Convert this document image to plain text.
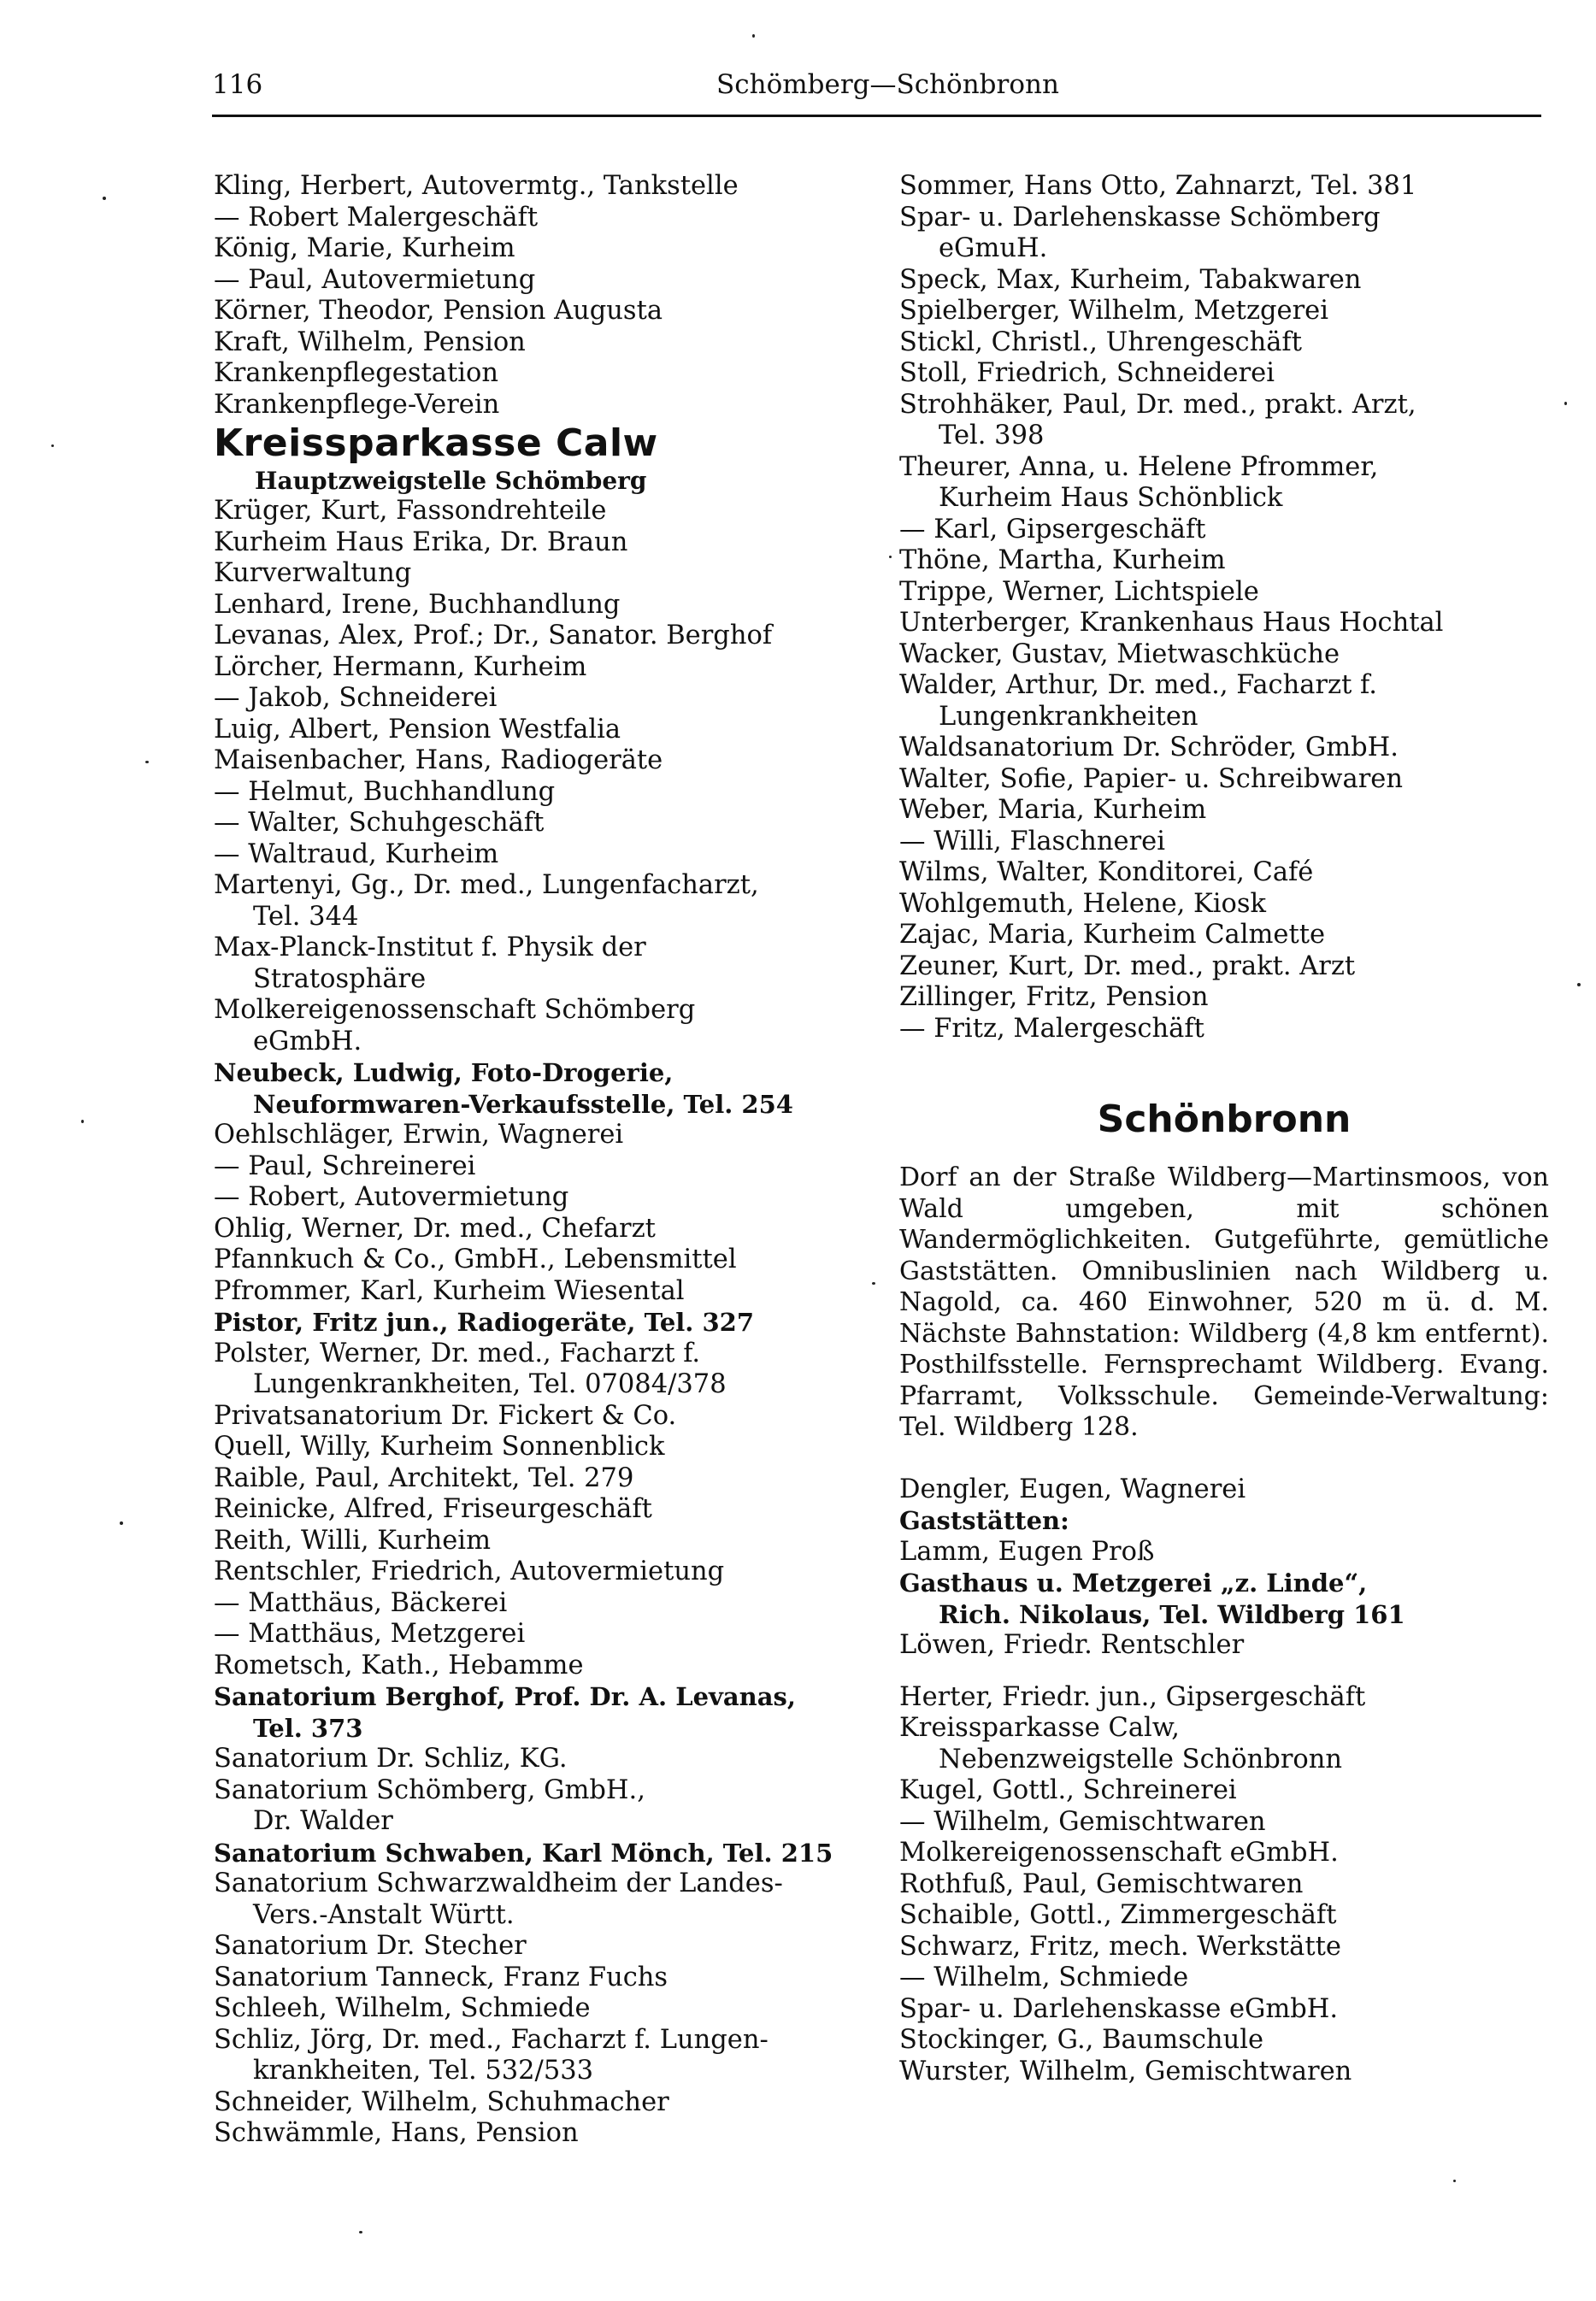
116	Schömberg—Schönbronn
Kling, Herbert, Autovermtg., Tankstelle
— Robert Malergeschäft
König, Marie, Kurheim
— Paul, Autovermietung
Körner, Theodor, Pension Augusta
Kraft, Wilhelm, Pension
Krankenpflegestation
Krankenpflege-Verein
Kreissparkasse Calw
Hauptzweigstelle Schömberg
Krüger, Kurt, Fassondrehteile
Kurheim Haus Erika, Dr. Braun
Kurverwaltung
Lenhard, Irene, Buchhandlung
Levanas, Alex, Prof.; Dr., Sanator. Berghof
Lörcher, Hermann, Kurheim
— Jakob, Schneiderei
Luig, Albert, Pension Westfalia
Maisenbacher, Hans, Radiogeräte
— Helmut, Buchhandlung
— Walter, Schuhgeschäft
— Waltraud, Kurheim
Martenyi, Gg., Dr. med., Lungenfacharzt,
Tel. 344
Max-Planck-Institut f. Physik der
Stratosphäre
Molkereigenossenschaft Schömberg
eGmbH.
Neubeck, Ludwig, Foto-Drogerie,
Neuformwaren-Verkaufsstelle, Tel. 254
Oehlschläger, Erwin, Wagnerei
— Paul, Schreinerei
— Robert, Autovermietung
Ohlig, Werner, Dr. med., Chefarzt
Pfannkuch & Co., GmbH., Lebensmittel
Pfrommer, Karl, Kurheim Wiesental
Pistor, Fritz jun., Radiogeräte, Tel. 327
Polster, Werner, Dr. med., Facharzt f.
Lungenkrankheiten, Tel. 07084/378
Privatsanatorium Dr. Fickert & Co.
Quell, Willy, Kurheim Sonnenblick
Raible, Paul, Architekt, Tel. 279
Reinicke, Alfred, Friseurgeschäft
Reith, Willi, Kurheim
Rentschler, Friedrich, Autovermietung
— Matthäus, Bäckerei
— Matthäus, Metzgerei
Rometsch, Kath., Hebamme
Sanatorium Berghof, Prof. Dr. A. Levanas,
Tel. 373
Sanatorium Dr. Schliz, KG.
Sanatorium Schömberg, GmbH.,
Dr. Walder
Sanatorium Schwaben, Karl Mönch, Tel. 215
Sanatorium Schwarzwaldheim der Landes-
Vers.-Anstalt Württ.
Sanatorium Dr. Stecher
Sanatorium Tanneck, Franz Fuchs
Schleeh, Wilhelm, Schmiede
Schliz, Jörg, Dr. med., Facharzt f. Lungen-
krankheiten, Tel. 532/533
Schneider, Wilhelm, Schuhmacher
Schwämmle, Hans, Pension
Sommer, Hans Otto, Zahnarzt, Tel. 381
Spar- u. Darlehenskasse Schömberg
eGmuH.
Speck, Max, Kurheim, Tabakwaren
Spielberger, Wilhelm, Metzgerei
Stickl, Christl., Uhrengeschäft
Stoll, Friedrich, Schneiderei
Strohhäker, Paul, Dr. med., prakt. Arzt,
Tel. 398
Theurer, Anna, u. Helene Pfrommer,
Kurheim Haus Schönblick
— Karl, Gipsergeschäft
Thöne, Martha, Kurheim
Trippe, Werner, Lichtspiele
Unterberger, Krankenhaus Haus Hochtal
Wacker, Gustav, Mietwaschküche
Walder, Arthur, Dr. med., Facharzt f.
Lungenkrankheiten
Waldsanatorium Dr. Schröder, GmbH.
Walter, Sofie, Papier- u. Schreibwaren
Weber, Maria, Kurheim
— Willi, Flaschnerei
Wilms, Walter, Konditorei, Café
Wohlgemuth, Helene, Kiosk
Zajac, Maria, Kurheim Calmette
Zeuner, Kurt, Dr. med., prakt. Arzt
Zillinger, Fritz, Pension
— Fritz, Malergeschäft
Schönbronn
Dorf an der Straße Wildberg—Martinsmoos, von Wald umgeben, mit schönen Wandermöglichkeiten. Gutgeführte, gemütliche Gaststätten. Omnibuslinien nach Wildberg u. Nagold, ca. 460 Einwohner, 520 m ü. d. M. Nächste Bahnstation: Wildberg (4,8 km entfernt). Posthilfsstelle. Fernsprechamt Wildberg. Evang. Pfarramt, Volksschule. Gemeinde-Verwaltung: Tel. Wildberg 128.
Dengler, Eugen, Wagnerei
Gaststätten:
Lamm, Eugen Proß
Gasthaus u. Metzgerei „z. Linde“,
Rich. Nikolaus, Tel. Wildberg 161
Löwen, Friedr. Rentschler
Herter, Friedr. jun., Gipsergeschäft
Kreissparkasse Calw,
Nebenzweigstelle Schönbronn
Kugel, Gottl., Schreinerei
— Wilhelm, Gemischtwaren
Molkereigenossenschaft eGmbH.
Rothfuß, Paul, Gemischtwaren
Schaible, Gottl., Zimmergeschäft
Schwarz, Fritz, mech. Werkstätte
— Wilhelm, Schmiede
Spar- u. Darlehenskasse eGmbH.
Stockinger, G., Baumschule
Wurster, Wilhelm, Gemischtwaren
